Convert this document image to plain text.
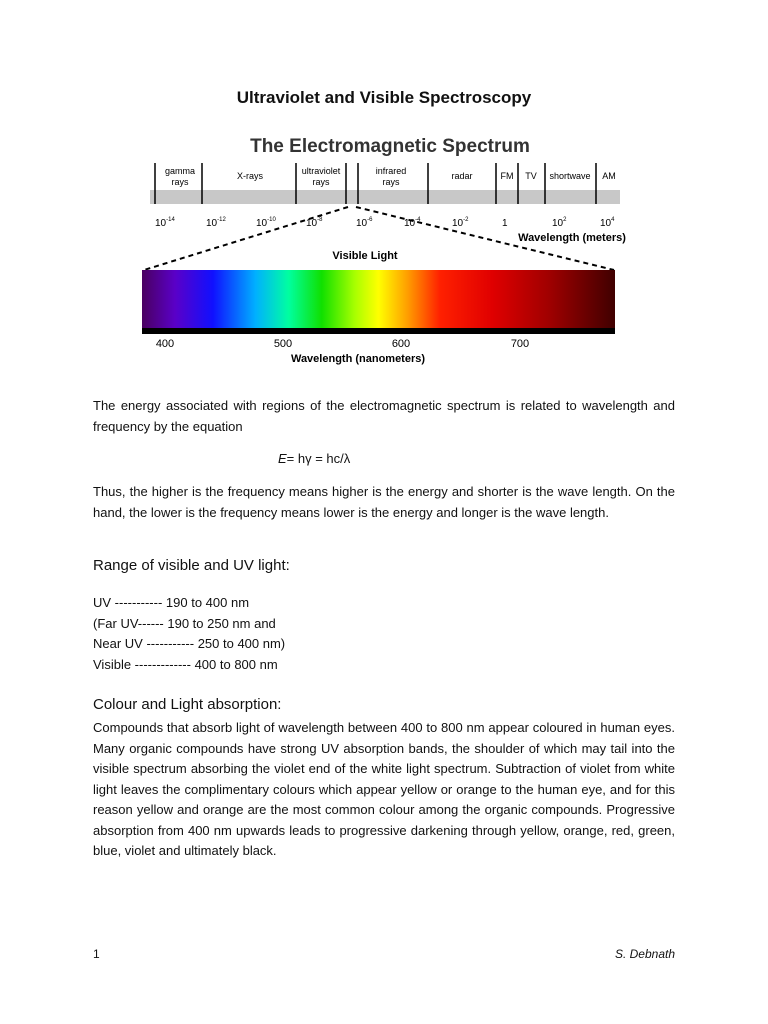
Ultraviolet and Visible Spectroscopy
The Electromagnetic Spectrum
gamma
rays
X-rays	ultraviolet
rays
infrared
rays
radar	FM TV shortwave AM
$10^{-14}$	$10^{-12}$	$10^{-10}$	$10^{-8}$	$10^{-6}$	$10^{-4}$	$10^{-2}$	1	$10^2$	$10^4$
Wavelength (meters)
Visible Light
400	500	600	700
Wavelength (nanometers)
The energy associated with regions of the electromagnetic spectrum is related to wavelength and frequency by the equation
E= hγ = hc/λ
Thus, the higher is the frequency means higher is the energy and shorter is the wave length. On the hand, the lower is the frequency means lower is the energy and longer is the wave length.
Range of visible and UV light:
UV ----------- 190 to 400 nm
(Far UV------ 190 to 250 nm and
Near UV ----------- 250 to 400 nm)
Visible ------------- 400 to 800 nm
Colour and Light absorption:
Compounds that absorb light of wavelength between 400 to 800 nm appear coloured in human eyes. Many organic compounds have strong UV absorption bands, the shoulder of which may tail into the visible spectrum absorbing the violet end of the white light spectrum. Subtraction of violet from white light leaves the complimentary colours which appear yellow or orange to the human eye, and for this reason yellow and orange are the most common colour among the organic compounds. Progressive absorption from 400 nm upwards leads to progressive darkening through yellow, orange, red, green, blue, violet and ultimately black.
1	S. Debnath
